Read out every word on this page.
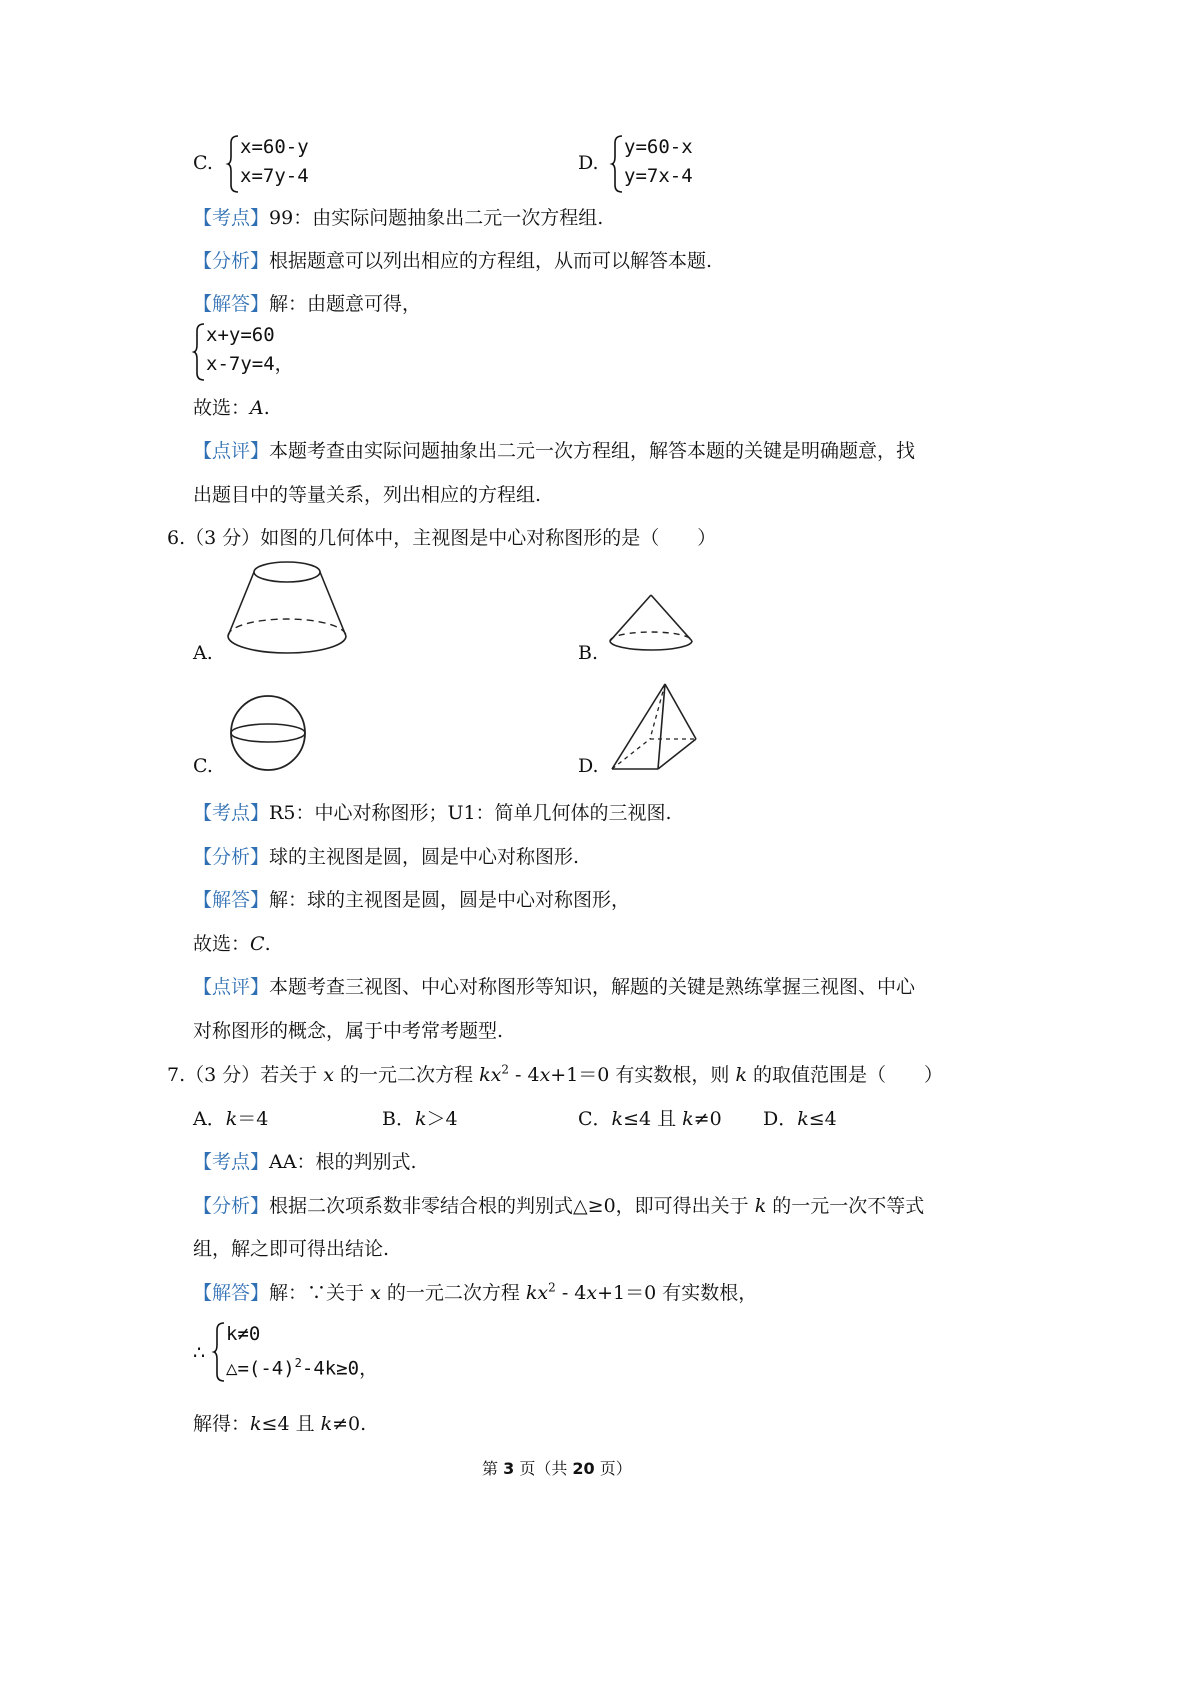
C.
x=60-y
x=7y-4
D.
y=60-x
y=7x-4
【考点】99：由实际问题抽象出二元一次方程组.
【分析】根据题意可以列出相应的方程组，从而可以解答本题.
【解答】解：由题意可得，
x+y=60
x-7y=4，
故选：A.
【点评】本题考查由实际问题抽象出二元一次方程组，解答本题的关键是明确题意，找
出题目中的等量关系，列出相应的方程组.
6.（3 分）如图的几何体中，主视图是中心对称图形的是（　　）
A.	B.
C.	D.
【考点】R5：中心对称图形；U1：简单几何体的三视图.
【分析】球的主视图是圆，圆是中心对称图形.
【解答】解：球的主视图是圆，圆是中心对称图形，
故选：C.
【点评】本题考查三视图、中心对称图形等知识，解题的关键是熟练掌握三视图、中心
对称图形的概念，属于中考常考题型.
7.（3 分）若关于 x 的一元二次方程 $kx^2 - 4x+1=0$ 有实数根，则 k 的取值范围是（　　）
A．k＝4	B．k＞4	C．k≤4 且 k≠0 D．k≤4
【考点】AA：根的判别式.
【分析】根据二次项系数非零结合根的判别式△≥0，即可得出关于 k 的一元一次不等式
组，解之即可得出结论.
【解答】解：∵关于 x 的一元二次方程 $kx^2 - 4x+1=0$ 有实数根，
∴
k≠0
$\triangle=(-4)^2-4k\ge 0$，
解得：k≤4 且 k≠0.
第 3 页（共 20 页）
